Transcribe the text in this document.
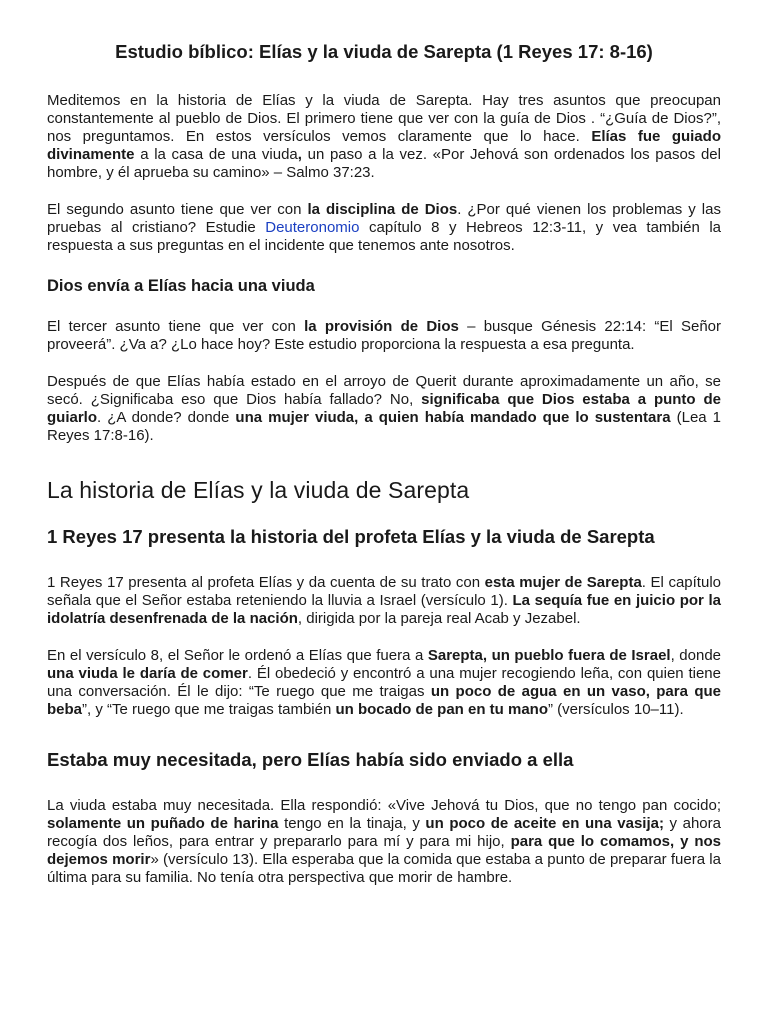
Estudio bíblico: Elías y la viuda de Sarepta (1 Reyes 17: 8-16)

Meditemos en la historia de Elías y la viuda de Sarepta. Hay tres asuntos que preocupan constantemente al pueblo de Dios. El primero tiene que ver con la guía de Dios . “¿Guía de Dios?”, nos preguntamos. En estos versículos vemos claramente que lo hace. Elías fue guiado divinamente a la casa de una viuda, un paso a la vez. «Por Jehová son ordenados los pasos del hombre, y él aprueba su camino» – Salmo 37:23.

El segundo asunto tiene que ver con la disciplina de Dios. ¿Por qué vienen los problemas y las pruebas al cristiano? Estudie Deuteronomio capítulo 8 y Hebreos 12:3-11, y vea también la respuesta a sus preguntas en el incidente que tenemos ante nosotros.

Dios envía a Elías hacia una viuda

El tercer asunto tiene que ver con la provisión de Dios – busque Génesis 22:14: “El Señor proveerá”. ¿Va a? ¿Lo hace hoy? Este estudio proporciona la respuesta a esa pregunta.

Después de que Elías había estado en el arroyo de Querit durante aproximadamente un año, se secó. ¿Significaba eso que Dios había fallado? No, significaba que Dios estaba a punto de guiarlo. ¿A donde? donde una mujer viuda, a quien había mandado que lo sustentara (Lea 1 Reyes 17:8-16).

La historia de Elías y la viuda de Sarepta
1 Reyes 17 presenta la historia del profeta Elías y la viuda de Sarepta

1 Reyes 17 presenta al profeta Elías y da cuenta de su trato con esta mujer de Sarepta. El capítulo señala que el Señor estaba reteniendo la lluvia a Israel (versículo 1). La sequía fue en juicio por la idolatría desenfrenada de la nación, dirigida por la pareja real Acab y Jezabel.

En el versículo 8, el Señor le ordenó a Elías que fuera a Sarepta, un pueblo fuera de Israel, donde una viuda le daría de comer. Él obedeció y encontró a una mujer recogiendo leña, con quien tiene una conversación. Él le dijo: “Te ruego que me traigas un poco de agua en un vaso, para que beba”, y “Te ruego que me traigas también un bocado de pan en tu mano” (versículos 10–11).

Estaba muy necesitada, pero Elías había sido enviado a ella

La viuda estaba muy necesitada. Ella respondió: «Vive Jehová tu Dios, que no tengo pan cocido; solamente un puñado de harina tengo en la tinaja, y un poco de aceite en una vasija; y ahora recogía dos leños, para entrar y prepararlo para mí y para mi hijo, para que lo comamos, y nos dejemos morir» (versículo 13). Ella esperaba que la comida que estaba a punto de preparar fuera la última para su familia. No tenía otra perspectiva que morir de hambre.
